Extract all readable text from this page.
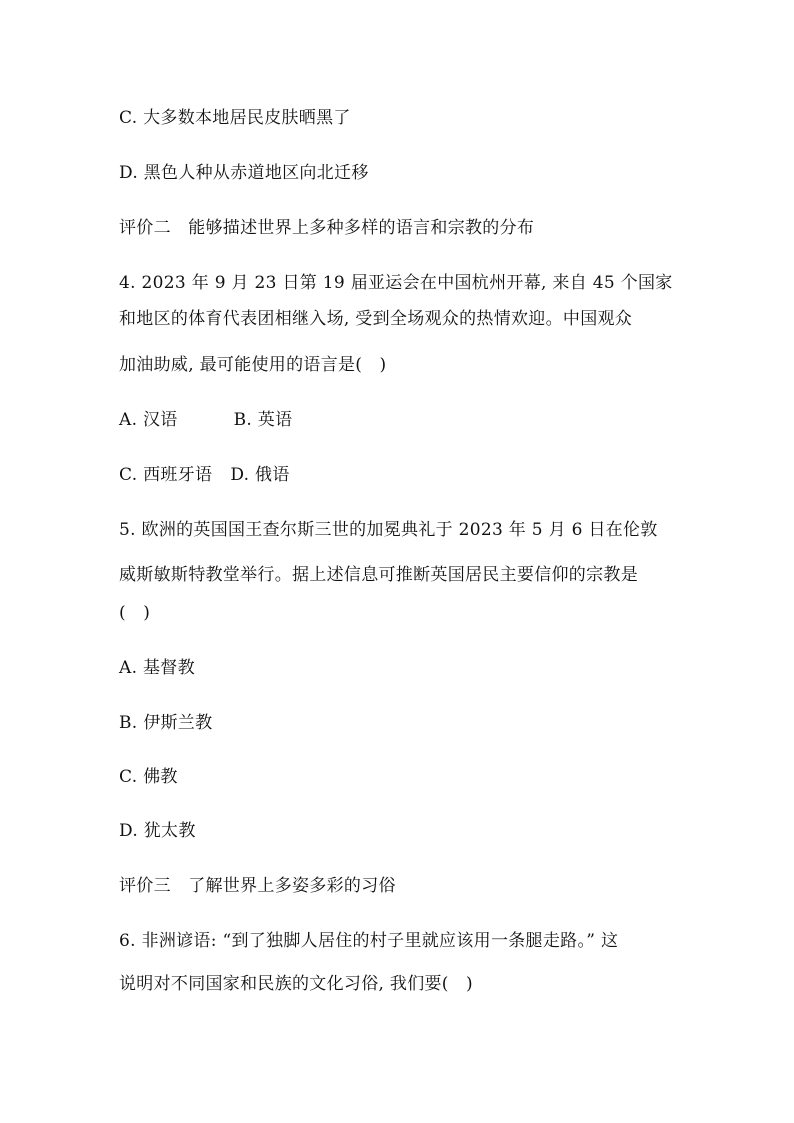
C. 大多数本地居民皮肤晒黑了
D. 黑色人种从赤道地区向北迁移
评价二　能够描述世界上多种多样的语言和宗教的分布
4. 2023 年 9 月 23 日第 19 届亚运会在中国杭州开幕, 来自 45 个国家
和地区的体育代表团相继入场, 受到全场观众的热情欢迎。中国观众
加油助威, 最可能使用的语言是(　)
A. 汉语	B. 英语
C. 西班牙语 D. 俄语
5. 欧洲的英国国王查尔斯三世的加冕典礼于 2023 年 5 月 6 日在伦敦
威斯敏斯特教堂举行。据上述信息可推断英国居民主要信仰的宗教是
(　)
A. 基督教
B. 伊斯兰教
C. 佛教
D. 犹太教
评价三　了解世界上多姿多彩的习俗
6. 非洲谚语: “到了独脚人居住的村子里就应该用一条腿走路。” 这
说明对不同国家和民族的文化习俗, 我们要(　)
